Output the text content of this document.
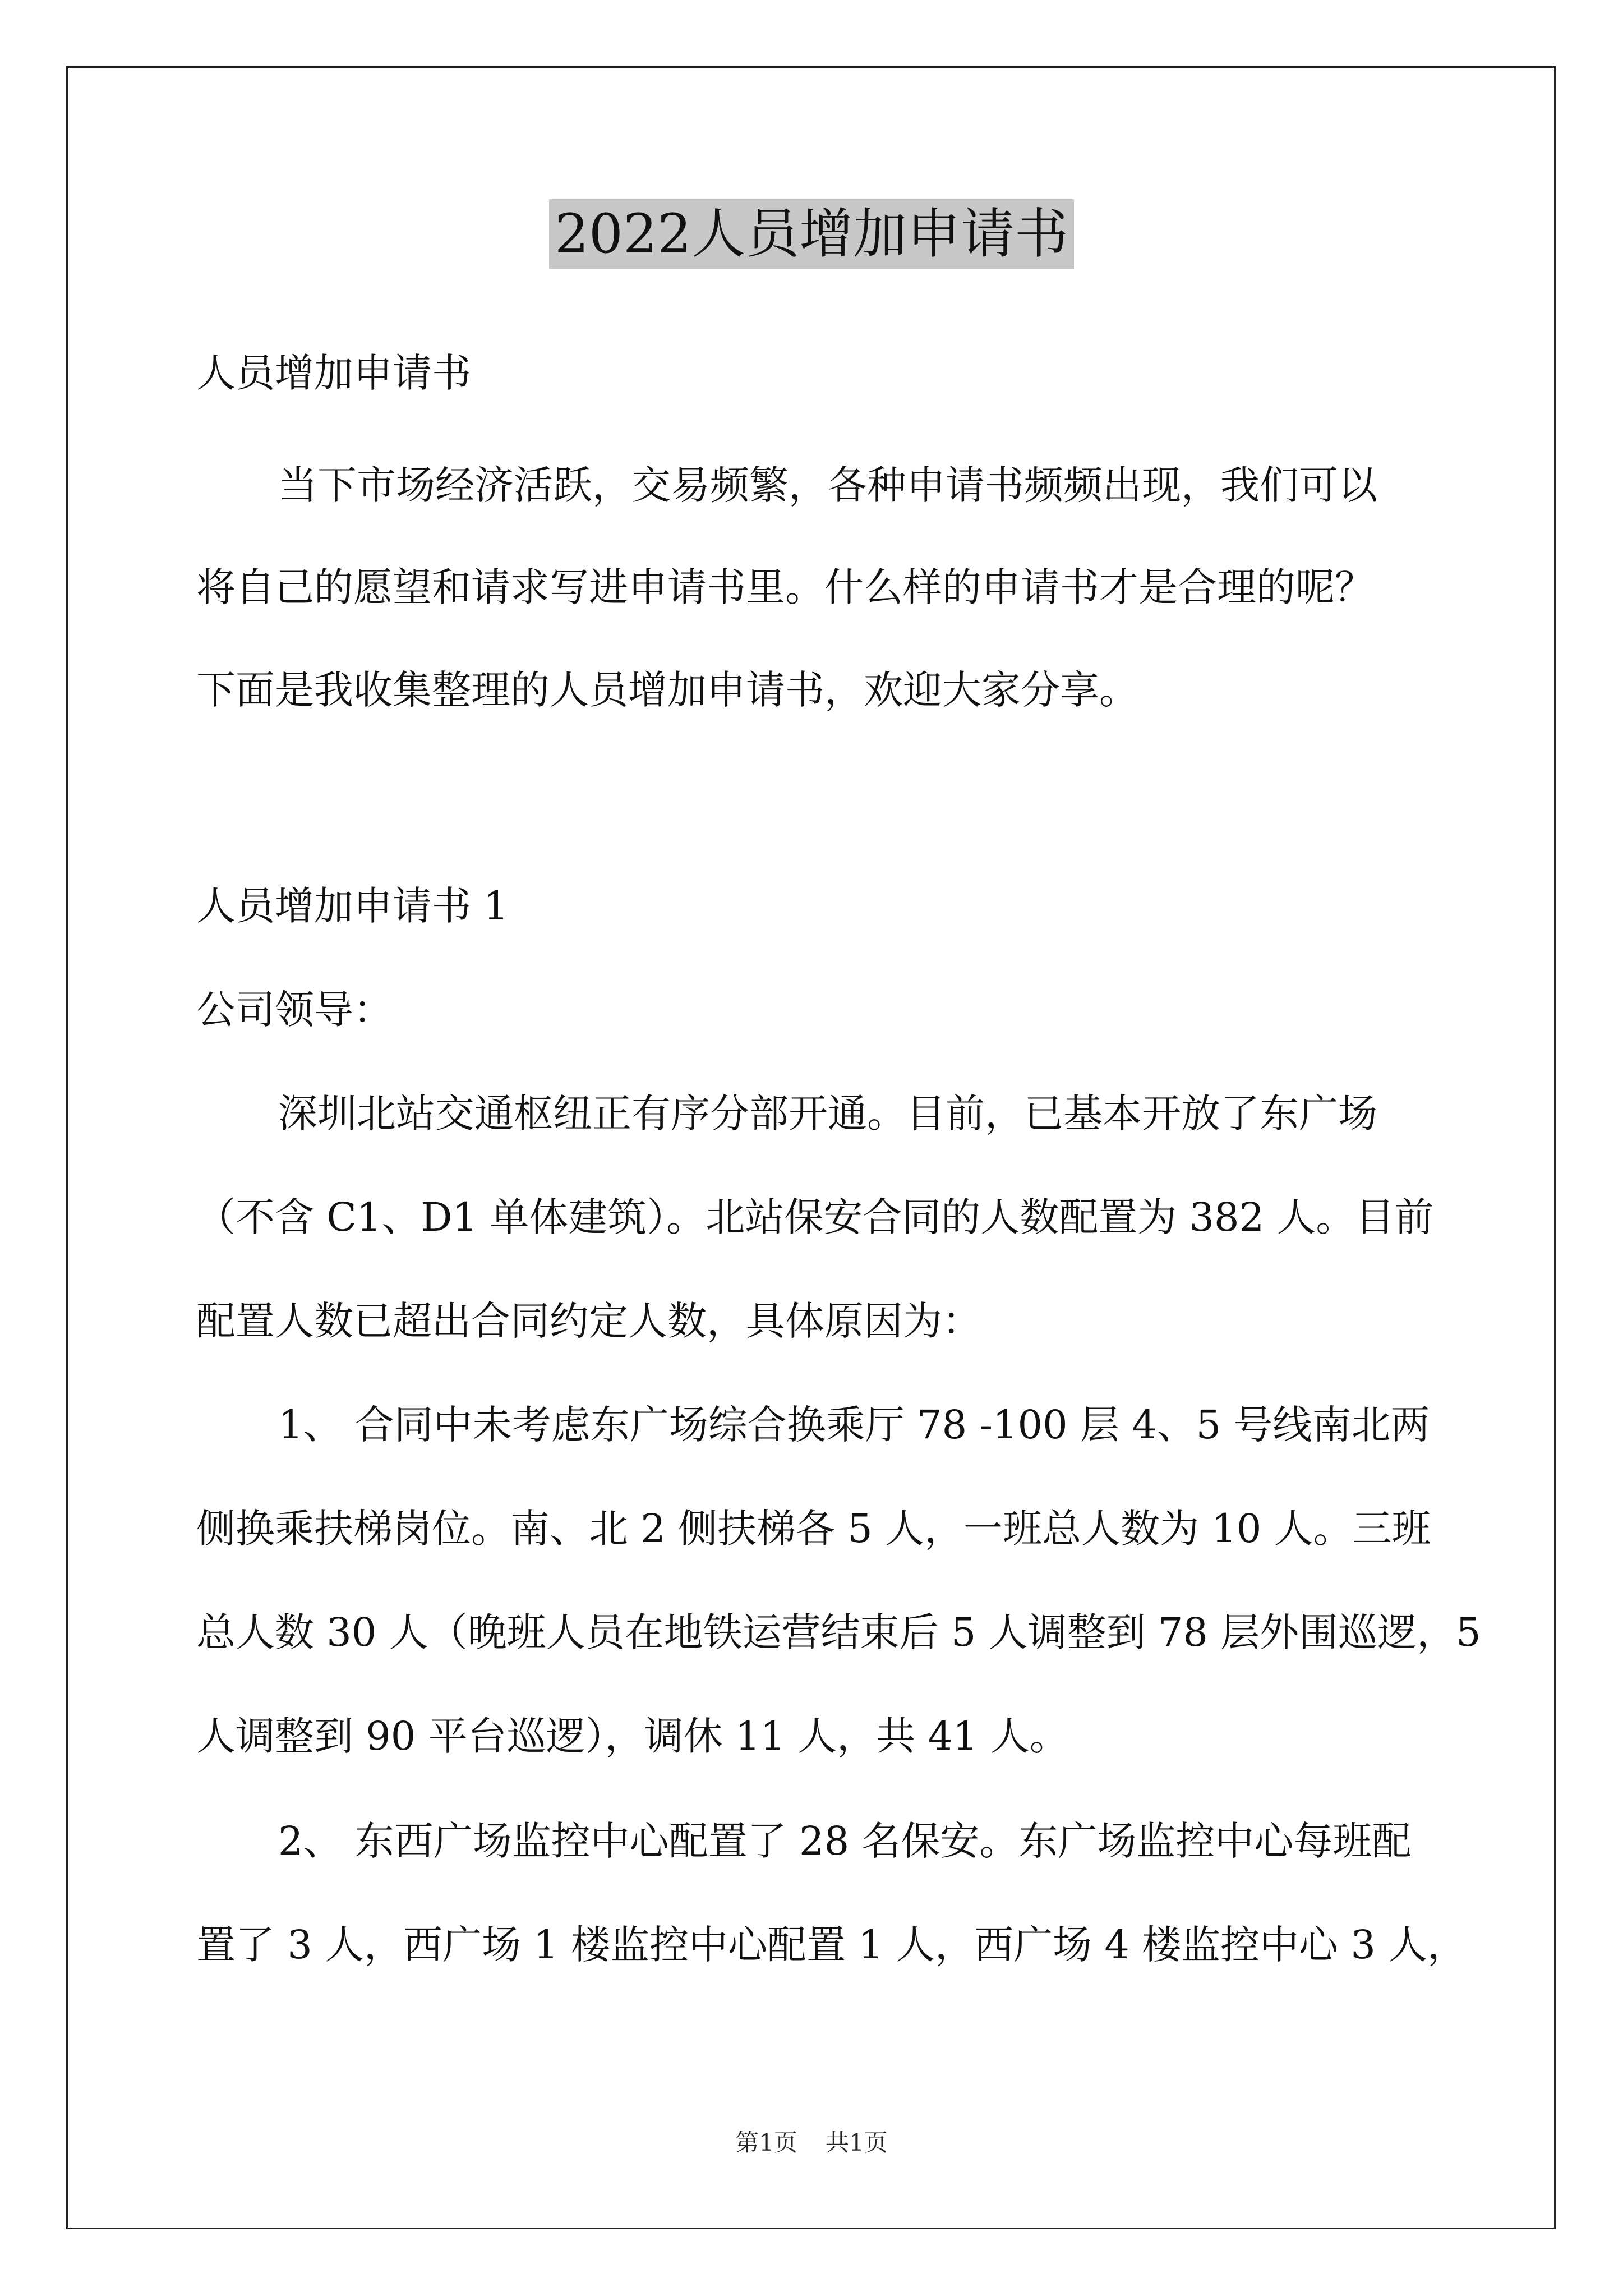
2022人员增加申请书

人员增加申请书

当下市场经济活跃，交易频繁，各种申请书频频出现，我们可以

将自己的愿望和请求写进申请书里。什么样的申请书才是合理的呢？

下面是我收集整理的人员增加申请书，欢迎大家分享。

人员增加申请书 1

公司领导：

深圳北站交通枢纽正有序分部开通。目前，已基本开放了东广场

（不含 C1、D1 单体建筑）。北站保安合同的人数配置为 382 人。目前

配置人数已超出合同约定人数，具体原因为：

1、 合同中未考虑东广场综合换乘厅 78 -100 层 4、5 号线南北两

侧换乘扶梯岗位。南、北 2 侧扶梯各 5 人，一班总人数为 10 人。三班

总人数 30 人（晚班人员在地铁运营结束后 5 人调整到 78 层外围巡逻，5

人调整到 90 平台巡逻），调休 11 人，共 41 人。

2、 东西广场监控中心配置了 28 名保安。东广场监控中心每班配

置了 3 人，西广场 1 楼监控中心配置 1 人，西广场 4 楼监控中心 3 人，

第1页 共1页
